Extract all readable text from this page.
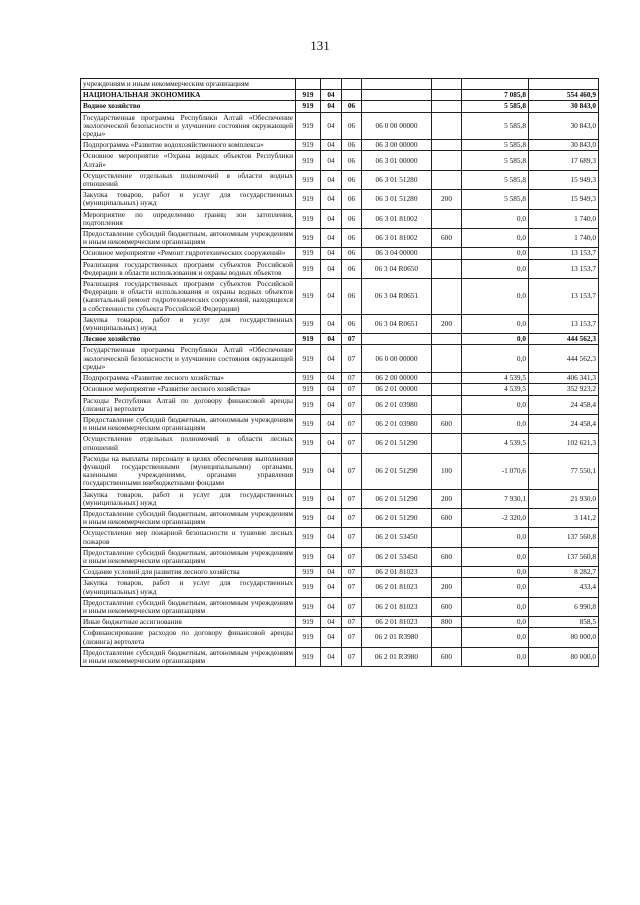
131
учреждениям и иным некоммерческим организациям							
НАЦИОНАЛЬНАЯ ЭКОНОМИКА	919	04				7 085,8	554 460,9
Водное хозяйство	919	04	06			5 585,8	30 843,0
Государственная программа Республики Алтай «Обеспечение экологической безопасности и улучшение состояния окружающей среды»	919	04	06	06 0 00 00000		5 585,8	30 843,0
Подпрограмма «Развитие водохозяйственного комплекса»	919	04	06	06 3 00 00000		5 585,8	30 843,0
Основное мероприятие «Охрана водных объектов Республики Алтай»	919	04	06	06 3 01 00000		5 585,8	17 689,3
Осуществление отдельных полномочий в области водных отношений	919	04	06	06 3 01 51280		5 585,8	15 949,3
Закупка товаров, работ и услуг для государственных (муниципальных) нужд	919	04	06	06 3 01 51280	200	5 585,8	15 949,3
Мероприятие по определению границ зон затопления, подтопления	919	04	06	06 3 01 81002		0,0	1 740,0
Предоставление субсидий бюджетным, автономным учреждениям и иным некоммерческим организациям	919	04	06	06 3 01 81002	600	0,0	1 740,0
Основное мероприятие «Ремонт гидротехнических сооружений»	919	04	06	06 3 04 00000		0,0	13 153,7
Реализация государственных программ субъектов Российской Федерации в области использования и охраны водных объектов	919	04	06	06 3 04 R0650		0,0	13 153,7
Реализация государственных программ субъектов Российской Федерации в области использования и охраны водных объектов (капитальный ремонт гидротехнических сооружений, находящихся в собственности субъекта Российской Федерации)	919	04	06	06 3 04 R0651		0,0	13 153,7
Закупка товаров, работ и услуг для государственных (муниципальных) нужд	919	04	06	06 3 04 R0651	200	0,0	13 153,7
Лесное хозяйство	919	04	07			0,0	444 562,3
Государственная программа Республики Алтай «Обеспечение экологической безопасности и улучшение состояния окружающей среды»	919	04	07	06 0 00 00000		0,0	444 562,3
Подпрограмма «Развитие лесного хозяйства»	919	04	07	06 2 00 00000		4 539,5	406 341,3
Основное мероприятие «Развитие лесного хозяйства»	919	04	07	06 2 01 00000		4 539,5	352 923,2
Расходы Республики Алтай по договору финансовой аренды (лизинга) вертолета	919	04	07	06 2 01 03980		0,0	24 458,4
Предоставление субсидий бюджетным, автономным учреждениям и иным некоммерческим организациям	919	04	07	06 2 01 03980	600	0,0	24 458,4
Осуществление отдельных полномочий в области лесных отношений	919	04	07	06 2 01 51290		4 539,5	102 621,3
Расходы на выплаты персоналу в целях обеспечения выполнения функций государственными (муниципальными) органами, казенными учреждениями, органами управления государственными внебюджетными фондами	919	04	07	06 2 01 51290	100	-1 070,6	77 550,1
Закупка товаров, работ и услуг для государственных (муниципальных) нужд	919	04	07	06 2 01 51290	200	7 930,1	21 930,0
Предоставление субсидий бюджетным, автономным учреждениям и иным некоммерческим организациям	919	04	07	06 2 01 51290	600	-2 320,0	3 141,2
Осуществление мер пожарной безопасности и тушение лесных пожаров	919	04	07	06 2 01 53450		0,0	137 560,8
Предоставление субсидий бюджетным, автономным учреждениям и иным некоммерческим организациям	919	04	07	06 2 01 53450	600	0,0	137 560,8
Создание условий для развития лесного хозяйства	919	04	07	06 2 01 81023		0,0	8 282,7
Закупка товаров, работ и услуг для государственных (муниципальных) нужд	919	04	07	06 2 01 81023	200	0,0	433,4
Предоставление субсидий бюджетным, автономным учреждениям и иным некоммерческим организациям	919	04	07	06 2 01 81023	600	0,0	6 990,8
Иные бюджетные ассигнования	919	04	07	06 2 01 81023	800	0,0	858,5
Софинансирование расходов по договору финансовой аренды (лизинга) вертолета	919	04	07	06 2 01 R3980		0,0	80 000,0
Предоставление субсидий бюджетным, автономным учреждениям и иным некоммерческим организациям	919	04	07	06 2 01 R3980	600	0,0	80 000,0
